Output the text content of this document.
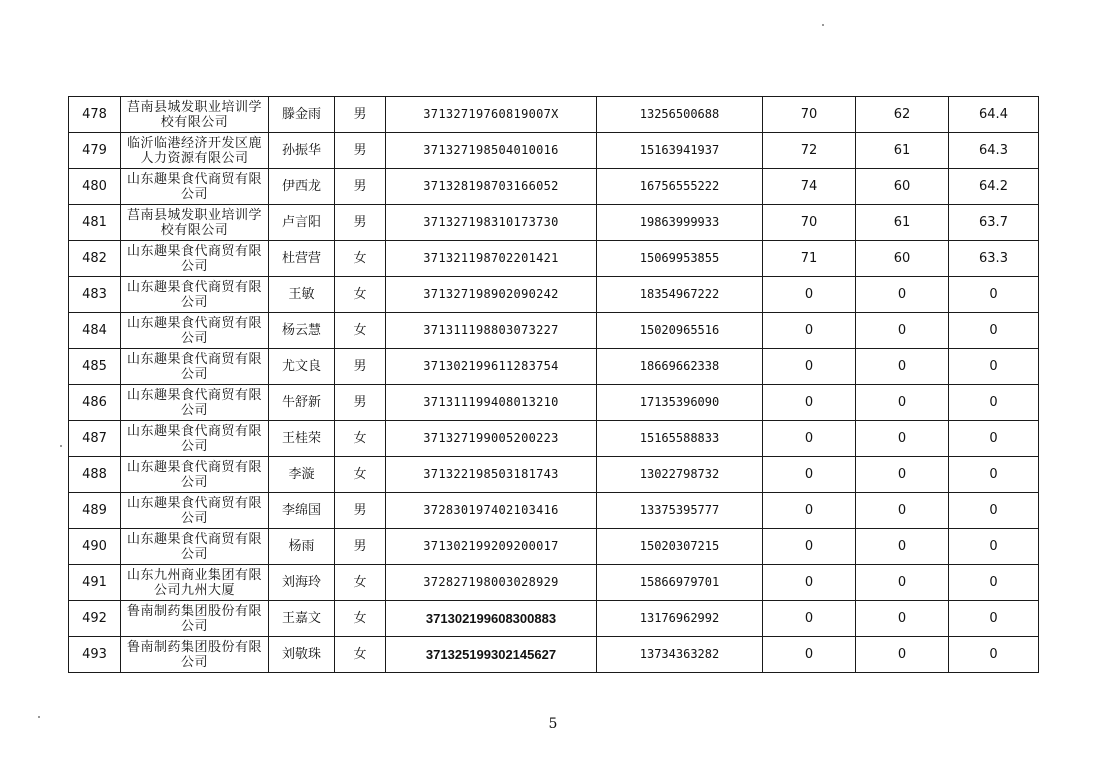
478	莒南县城发职业培训学校有限公司	滕金雨	男	37132719760819007X	13256500688	70	62	64.4
479	临沂临港经济开发区鹿人力资源有限公司	孙振华	男	371327198504010016	15163941937	72	61	64.3
480	山东趣果食代商贸有限公司	伊西龙	男	371328198703166052	16756555222	74	60	64.2
481	莒南县城发职业培训学校有限公司	卢言阳	男	371327198310173730	19863999933	70	61	63.7
482	山东趣果食代商贸有限公司	杜营营	女	371321198702201421	15069953855	71	60	63.3
483	山东趣果食代商贸有限公司	王敏	女	371327198902090242	18354967222	0	0	0
484	山东趣果食代商贸有限公司	杨云慧	女	371311198803073227	15020965516	0	0	0
485	山东趣果食代商贸有限公司	尤文良	男	371302199611283754	18669662338	0	0	0
486	山东趣果食代商贸有限公司	牛舒新	男	371311199408013210	17135396090	0	0	0
487	山东趣果食代商贸有限公司	王桂荣	女	371327199005200223	15165588833	0	0	0
488	山东趣果食代商贸有限公司	李漩	女	371322198503181743	13022798732	0	0	0
489	山东趣果食代商贸有限公司	李绵国	男	372830197402103416	13375395777	0	0	0
490	山东趣果食代商贸有限公司	杨雨	男	371302199209200017	15020307215	0	0	0
491	山东九州商业集团有限公司九州大厦	刘海玲	女	372827198003028929	15866979701	0	0	0
492	鲁南制药集团股份有限公司	王嘉文	女	371302199608300883	13176962992	0	0	0
493	鲁南制药集团股份有限公司	刘敬珠	女	371325199302145627	13734363282	0	0	0
5
